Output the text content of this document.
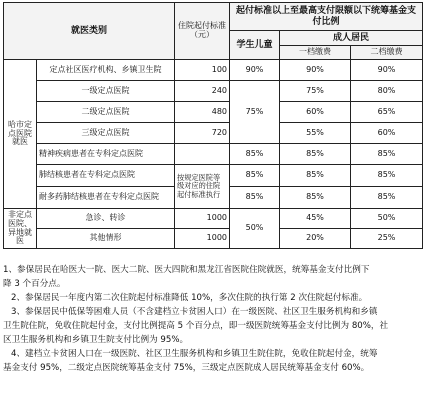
就医类别		住院起付标准（元）	起付标准以上至最高支付限额以下统筹基金支付比例		
			学生儿童	成人居民	
				一档缴费	二档缴费
哈市定点医院就医	定点社区医疗机构、乡镇卫生院	100	90%	90%	90%
	一级定点医院	240	75%	75%	80%
	二级定点医院	480		60%	65%
	三级定点医院	720		55%	60%
	精神疾病患者在专科定点医院		85%	85%	85%
	肺结核患者在专科定点医院	按规定医院等级对应的住院起付标准执行	85%	85%	85%
	耐多药肺结核患者在专科定点医院		85%	85%	85%
非定点医院、异地就医	急诊、转诊	1000	50%	45%	50%
	其他情形	1000		20%	25%
1、参保居民在哈医大一院、医大二院、医大四院和黑龙江省医院住院就医，统筹基金支付比例下
降 3 个百分点。
2、参保居民一年度内第二次住院起付标准降低 10%，多次住院的执行第 2 次住院起付标准。
3、参保居民中低保等困难人员（不含建档立卡贫困人口）在一级医院、社区卫生服务机构和乡镇
卫生院住院，免收住院起付金，支付比例提高 5 个百分点，即一级医院统筹基金支付比例为 80%，社
区卫生服务机构和乡镇卫生院支付比例为 95%。
4、建档立卡贫困人口在一级医院、社区卫生服务机构和乡镇卫生院住院，免收住院起付金，统筹
基金支付 95%，二级定点医院统筹基金支付 75%，三级定点医院成人居民统筹基金支付 60%。
